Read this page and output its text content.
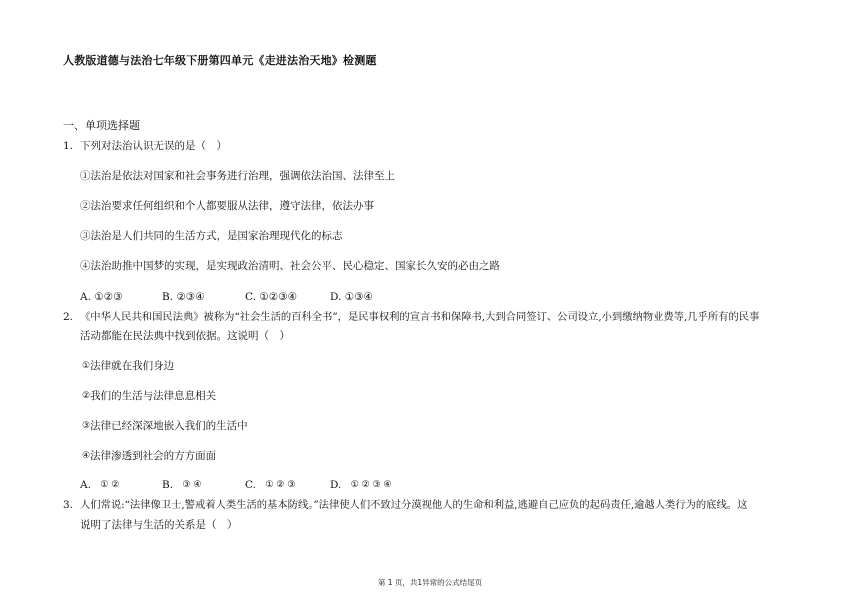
人教版道德与法治七年级下册第四单元《走进法治天地》检测题
一、单项选择题
1. 下列对法治认识无误的是（　）
①法治是依法对国家和社会事务进行治理，强调依法治国、法律至上
②法治要求任何组织和个人都要服从法律，遵守法律，依法办事
③法治是人们共同的生活方式，是国家治理现代化的标志
④法治助推中国梦的实现，是实现政治清明、社会公平、民心稳定、国家长久安的必由之路
A. ①②③	B. ②③④	C. ①②③④	D. ①③④
2. 《中华人民共和国民法典》被称为“社会生活的百科全书”，是民事权利的宣言书和保障书,大到合同签订、公司设立,小到缴纳物业费等,几乎所有的民事
活动都能在民法典中找到依据。这说明（　）
①法律就在我们身边
②我们的生活与法律息息相关
③法律已经深深地嵌入我们的生活中
④法律渗透到社会的方方面面
A. ① ②	B. ③ ④	C. ① ② ③	D. ① ② ③ ④
3. 人们常说:“法律像卫士,警戒着人类生活的基本防线。”法律使人们不致过分漠视他人的生命和利益,逃避自己应负的起码责任,逾越人类行为的底线。这
说明了法律与生活的关系是（　）
第 1 页，共1异常的公式结尾页
